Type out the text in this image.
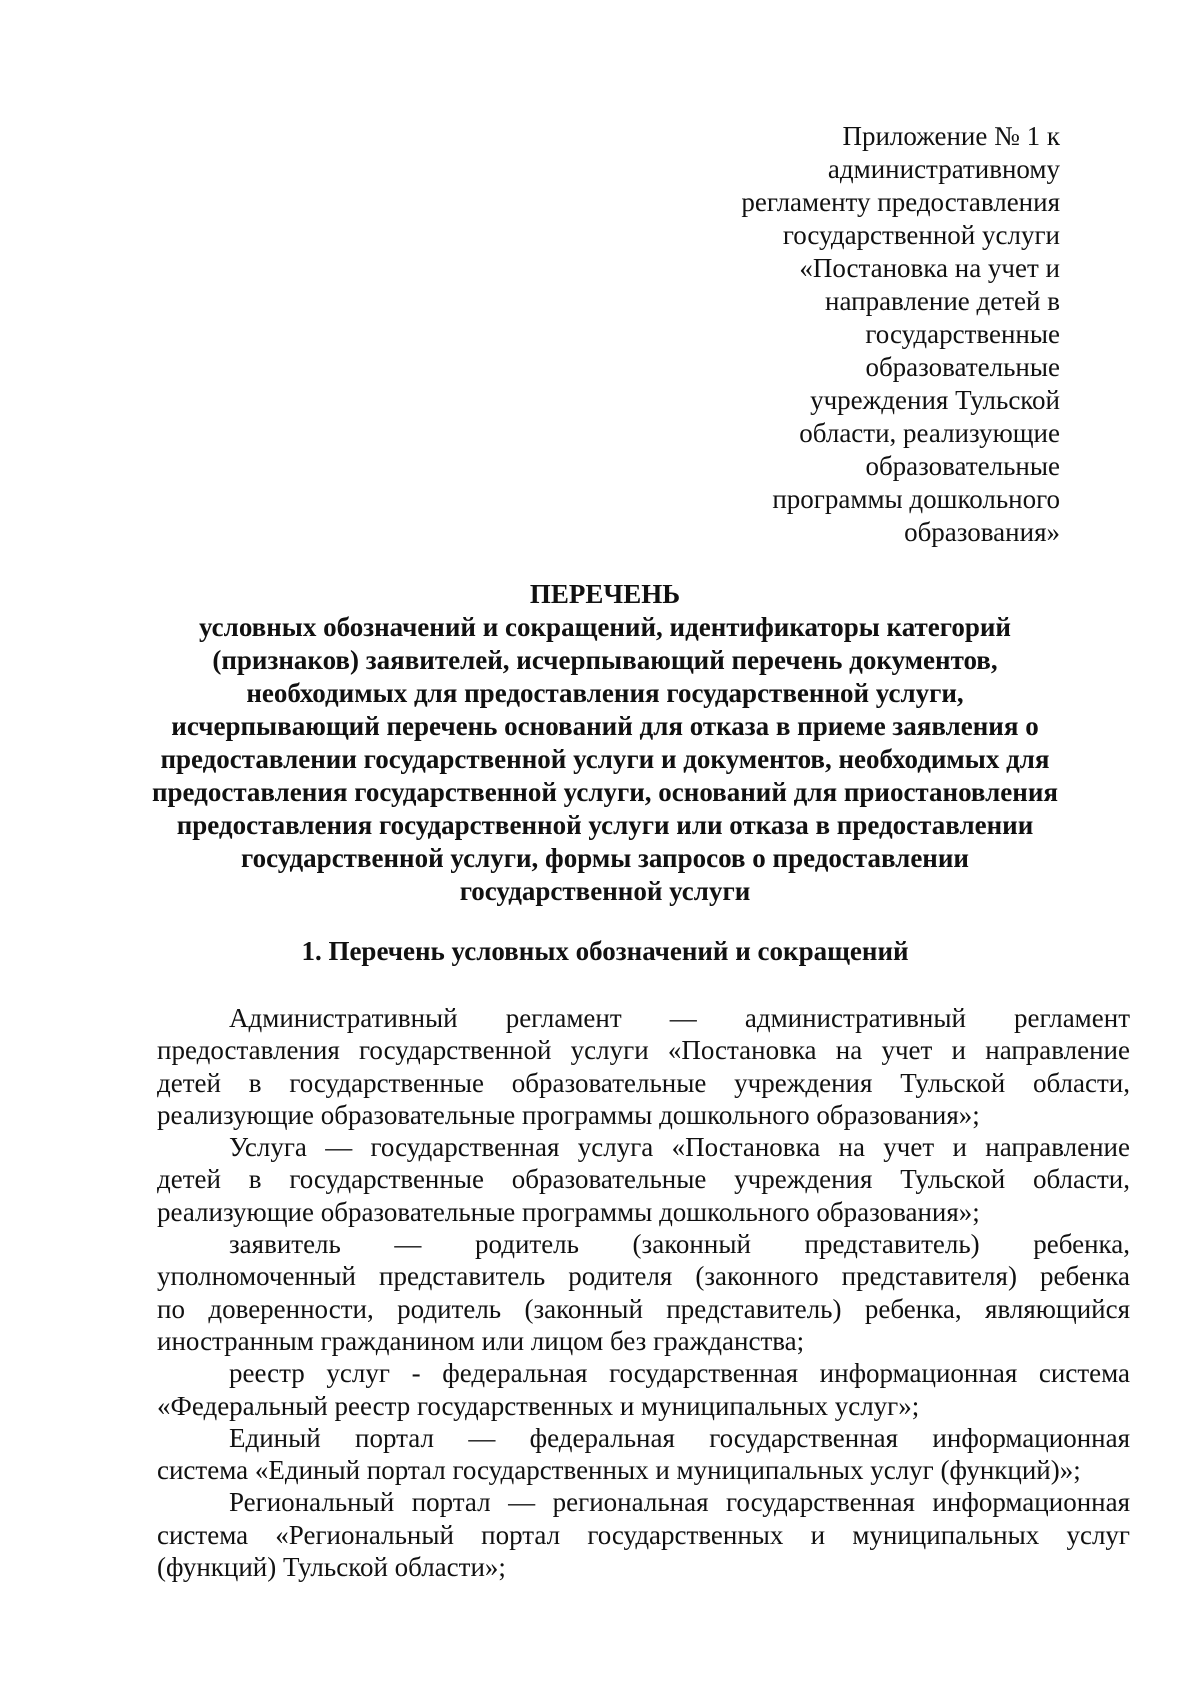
Приложение № 1 к
административному
регламенту предоставления
государственной услуги
«Постановка на учет и
направление детей в
государственные
образовательные
учреждения Тульской
области, реализующие
образовательные
программы дошкольного
образования»
ПЕРЕЧЕНЬ
условных обозначений и сокращений, идентификаторы категорий
(признаков) заявителей, исчерпывающий перечень документов,
необходимых для предоставления государственной услуги,
исчерпывающий перечень оснований для отказа в приеме заявления о
предоставлении государственной услуги и документов, необходимых для
предоставления государственной услуги, оснований для приостановления
предоставления государственной услуги или отказа в предоставлении
государственной услуги, формы запросов о предоставлении
государственной услуги
1. Перечень условных обозначений и сокращений
Административный регламент — административный регламент
предоставления государственной услуги «Постановка на учет и направление
детей в государственные образовательные учреждения Тульской области,
реализующие образовательные программы дошкольного образования»;
Услуга — государственная услуга «Постановка на учет и направление
детей в государственные образовательные учреждения Тульской области,
реализующие образовательные программы дошкольного образования»;
заявитель — родитель (законный представитель) ребенка,
уполномоченный представитель родителя (законного представителя) ребенка
по доверенности, родитель (законный представитель) ребенка, являющийся
иностранным гражданином или лицом без гражданства;
реестр услуг - федеральная государственная информационная система
«Федеральный реестр государственных и муниципальных услуг»;
Единый портал — федеральная государственная информационная
система «Единый портал государственных и муниципальных услуг (функций)»;
Региональный портал — региональная государственная информационная
система «Региональный портал государственных и муниципальных услуг
(функций) Тульской области»;
